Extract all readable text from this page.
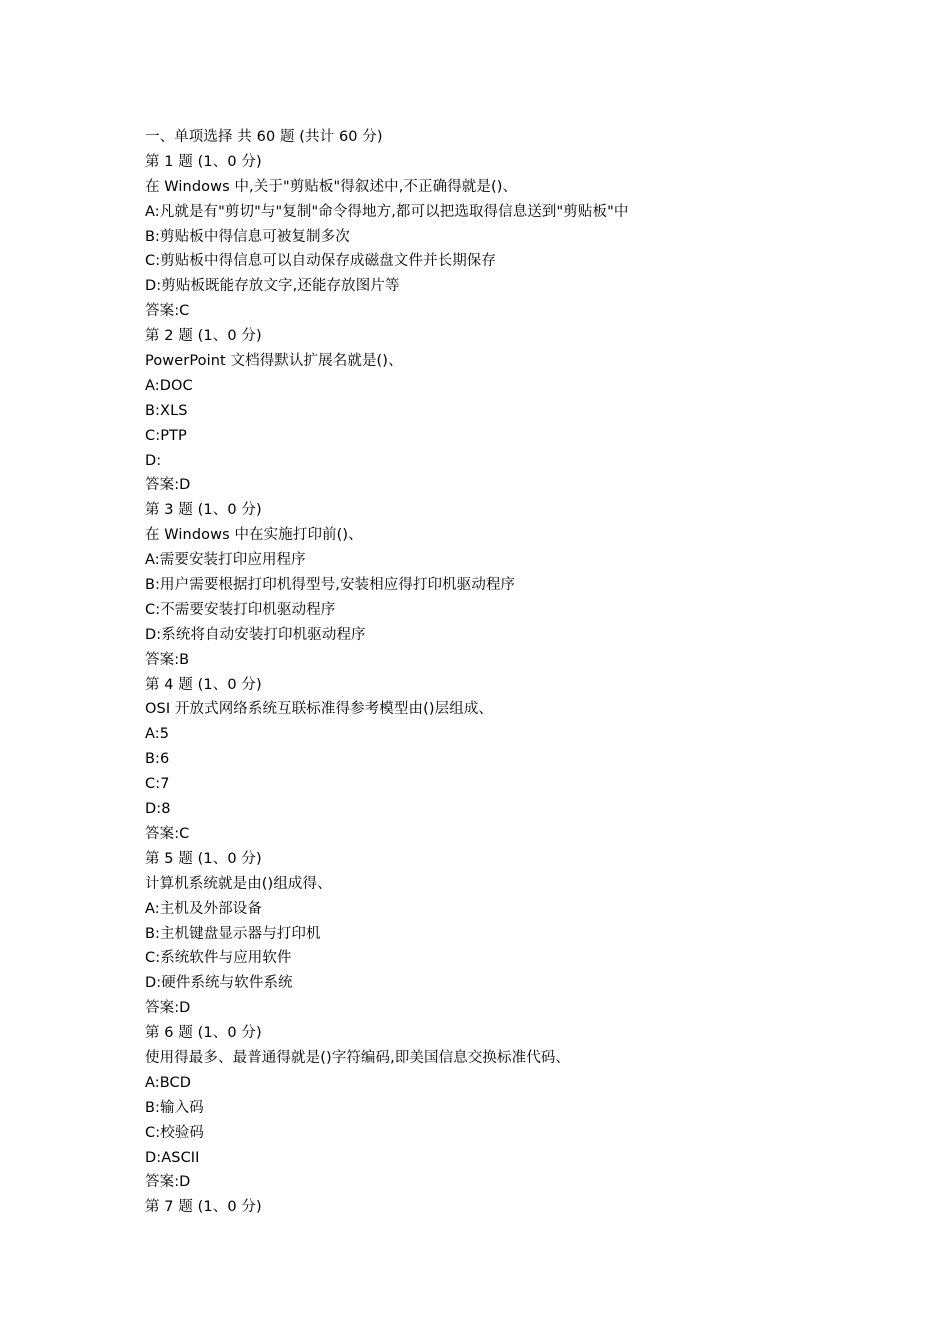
一、单项选择 共 60 题 (共计 60 分)
第 1 题 (1、0 分)
在 Windows 中,关于"剪贴板"得叙述中,不正确得就是()、
A:凡就是有"剪切"与"复制"命令得地方,都可以把选取得信息送到"剪贴板"中
B:剪贴板中得信息可被复制多次
C:剪贴板中得信息可以自动保存成磁盘文件并长期保存
D:剪贴板既能存放文字,还能存放图片等
答案:C
第 2 题 (1、0 分)
PowerPoint 文档得默认扩展名就是()、
A:DOC
B:XLS
C:PTP
D:
答案:D
第 3 题 (1、0 分)
在 Windows 中在实施打印前()、
A:需要安装打印应用程序
B:用户需要根据打印机得型号,安装相应得打印机驱动程序
C:不需要安装打印机驱动程序
D:系统将自动安装打印机驱动程序
答案:B
第 4 题 (1、0 分)
OSI 开放式网络系统互联标准得参考模型由()层组成、
A:5
B:6
C:7
D:8
答案:C
第 5 题 (1、0 分)
计算机系统就是由()组成得、
A:主机及外部设备
B:主机键盘显示器与打印机
C:系统软件与应用软件
D:硬件系统与软件系统
答案:D
第 6 题 (1、0 分)
使用得最多、最普通得就是()字符编码,即美国信息交换标准代码、
A:BCD
B:输入码
C:校验码
D:ASCII
答案:D
第 7 题 (1、0 分)
